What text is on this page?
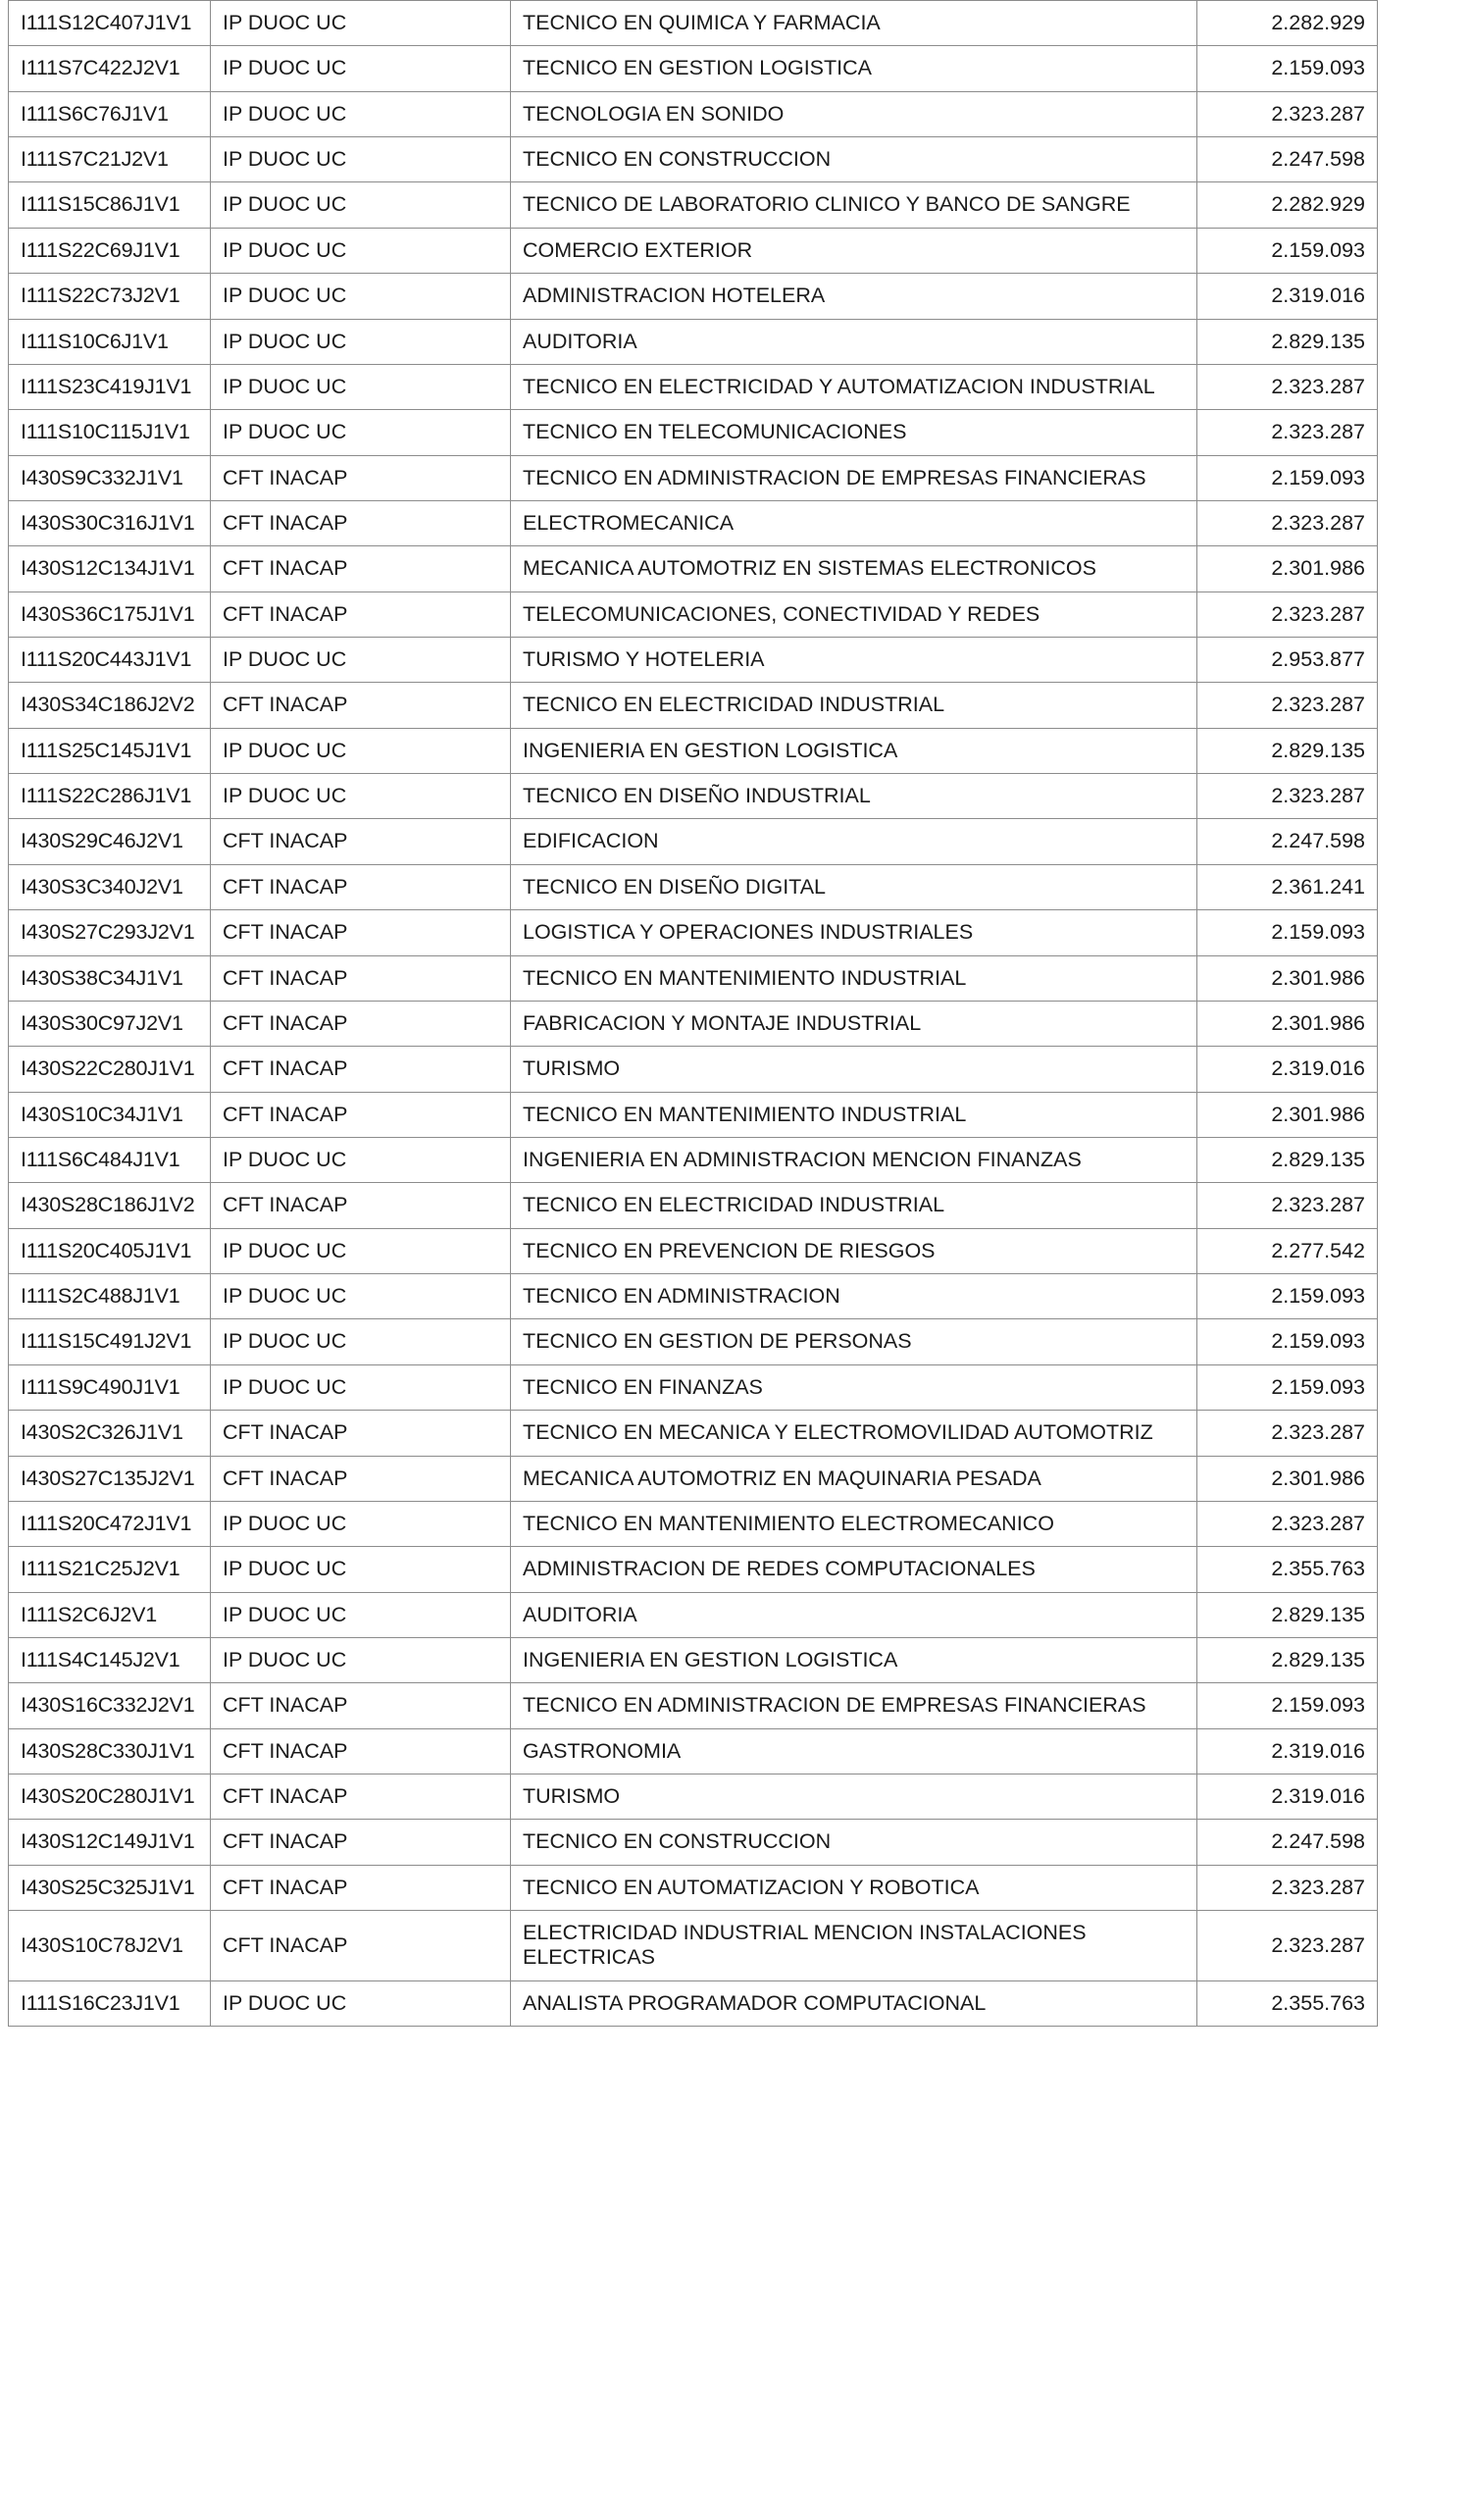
I111S12C407J1V1	IP DUOC UC	TECNICO EN QUIMICA Y FARMACIA	2.282.929
I111S7C422J2V1	IP DUOC UC	TECNICO EN GESTION LOGISTICA	2.159.093
I111S6C76J1V1	IP DUOC UC	TECNOLOGIA EN SONIDO	2.323.287
I111S7C21J2V1	IP DUOC UC	TECNICO EN CONSTRUCCION	2.247.598
I111S15C86J1V1	IP DUOC UC	TECNICO DE LABORATORIO CLINICO Y BANCO DE SANGRE	2.282.929
I111S22C69J1V1	IP DUOC UC	COMERCIO EXTERIOR	2.159.093
I111S22C73J2V1	IP DUOC UC	ADMINISTRACION HOTELERA	2.319.016
I111S10C6J1V1	IP DUOC UC	AUDITORIA	2.829.135
I111S23C419J1V1	IP DUOC UC	TECNICO EN ELECTRICIDAD Y AUTOMATIZACION INDUSTRIAL	2.323.287
I111S10C115J1V1	IP DUOC UC	TECNICO EN TELECOMUNICACIONES	2.323.287
I430S9C332J1V1	CFT INACAP	TECNICO EN ADMINISTRACION DE EMPRESAS FINANCIERAS	2.159.093
I430S30C316J1V1	CFT INACAP	ELECTROMECANICA	2.323.287
I430S12C134J1V1	CFT INACAP	MECANICA AUTOMOTRIZ EN SISTEMAS ELECTRONICOS	2.301.986
I430S36C175J1V1	CFT INACAP	TELECOMUNICACIONES, CONECTIVIDAD Y REDES	2.323.287
I111S20C443J1V1	IP DUOC UC	TURISMO Y HOTELERIA	2.953.877
I430S34C186J2V2	CFT INACAP	TECNICO EN ELECTRICIDAD INDUSTRIAL	2.323.287
I111S25C145J1V1	IP DUOC UC	INGENIERIA EN GESTION LOGISTICA	2.829.135
I111S22C286J1V1	IP DUOC UC	TECNICO EN DISEÑO INDUSTRIAL	2.323.287
I430S29C46J2V1	CFT INACAP	EDIFICACION	2.247.598
I430S3C340J2V1	CFT INACAP	TECNICO EN DISEÑO DIGITAL	2.361.241
I430S27C293J2V1	CFT INACAP	LOGISTICA Y OPERACIONES INDUSTRIALES	2.159.093
I430S38C34J1V1	CFT INACAP	TECNICO EN MANTENIMIENTO INDUSTRIAL	2.301.986
I430S30C97J2V1	CFT INACAP	FABRICACION Y MONTAJE INDUSTRIAL	2.301.986
I430S22C280J1V1	CFT INACAP	TURISMO	2.319.016
I430S10C34J1V1	CFT INACAP	TECNICO EN MANTENIMIENTO INDUSTRIAL	2.301.986
I111S6C484J1V1	IP DUOC UC	INGENIERIA EN ADMINISTRACION MENCION FINANZAS	2.829.135
I430S28C186J1V2	CFT INACAP	TECNICO EN ELECTRICIDAD INDUSTRIAL	2.323.287
I111S20C405J1V1	IP DUOC UC	TECNICO EN PREVENCION DE RIESGOS	2.277.542
I111S2C488J1V1	IP DUOC UC	TECNICO EN ADMINISTRACION	2.159.093
I111S15C491J2V1	IP DUOC UC	TECNICO EN GESTION DE PERSONAS	2.159.093
I111S9C490J1V1	IP DUOC UC	TECNICO EN FINANZAS	2.159.093
I430S2C326J1V1	CFT INACAP	TECNICO EN MECANICA Y ELECTROMOVILIDAD AUTOMOTRIZ	2.323.287
I430S27C135J2V1	CFT INACAP	MECANICA AUTOMOTRIZ EN MAQUINARIA PESADA	2.301.986
I111S20C472J1V1	IP DUOC UC	TECNICO EN MANTENIMIENTO ELECTROMECANICO	2.323.287
I111S21C25J2V1	IP DUOC UC	ADMINISTRACION DE REDES COMPUTACIONALES	2.355.763
I111S2C6J2V1	IP DUOC UC	AUDITORIA	2.829.135
I111S4C145J2V1	IP DUOC UC	INGENIERIA EN GESTION LOGISTICA	2.829.135
I430S16C332J2V1	CFT INACAP	TECNICO EN ADMINISTRACION DE EMPRESAS FINANCIERAS	2.159.093
I430S28C330J1V1	CFT INACAP	GASTRONOMIA	2.319.016
I430S20C280J1V1	CFT INACAP	TURISMO	2.319.016
I430S12C149J1V1	CFT INACAP	TECNICO EN CONSTRUCCION	2.247.598
I430S25C325J1V1	CFT INACAP	TECNICO EN AUTOMATIZACION Y ROBOTICA	2.323.287
I430S10C78J2V1	CFT INACAP	ELECTRICIDAD INDUSTRIAL MENCION INSTALACIONES ELECTRICAS	2.323.287
I111S16C23J1V1	IP DUOC UC	ANALISTA PROGRAMADOR COMPUTACIONAL	2.355.763
